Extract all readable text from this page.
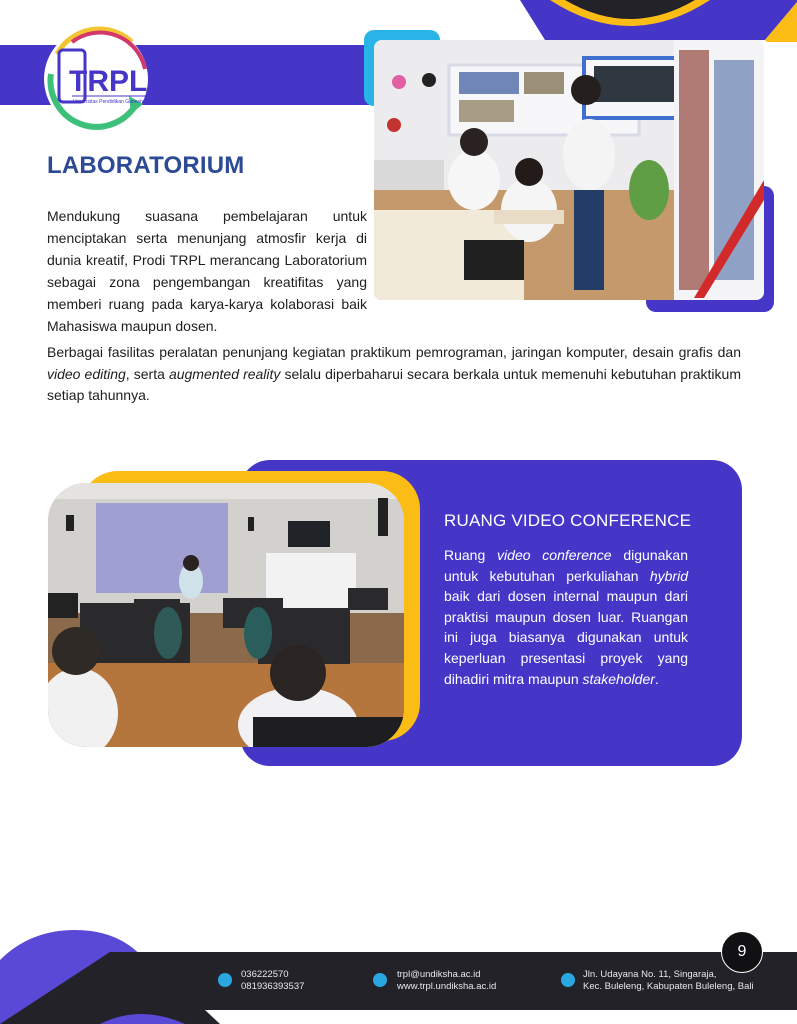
TRPL
Universitas Pendidikan Ganesha
LABORATORIUM
Mendukung suasana pembelajaran untuk menciptakan serta menunjang atmosfir kerja di dunia kreatif, Prodi TRPL merancang Laboratorium sebagai zona pengembangan kreatifitas yang memberi ruang pada karya-karya kolaborasi baik Mahasiswa maupun dosen.
Berbagai fasilitas peralatan penunjang kegiatan praktikum pemrograman, jaringan komputer, desain grafis dan video editing, serta augmented reality selalu diperbaharui secara berkala untuk memenuhi kebutuhan praktikum setiap tahunnya.
RUANG VIDEO CONFERENCE
Ruang video conference digunakan untuk kebutuhan perkuliahan hybrid baik dari dosen internal maupun dari praktisi maupun dosen luar. Ruangan ini juga biasanya digunakan untuk keperluan presentasi proyek yang dihadiri mitra maupun stakeholder.
036222570
081936393537
trpl@undiksha.ac.id
www.trpl.undiksha.ac.id
Jln. Udayana No. 11, Singaraja,
Kec. Buleleng, Kabupaten Buleleng, Bali
9
